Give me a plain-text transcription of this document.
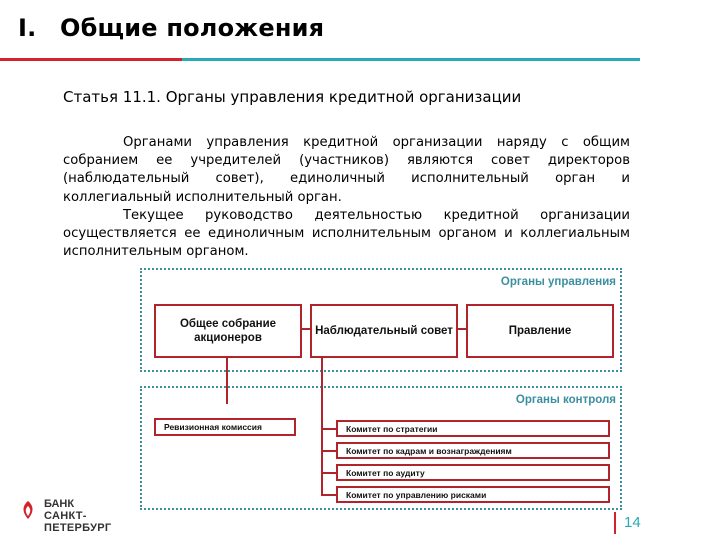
I. Общие положения
Статья 11.1. Органы управления кредитной организации

Органами управления кредитной организации наряду с общим собранием ее учредителей (участников) являются совет директоров (наблюдательный совет), единоличный исполнительный орган и коллегиальный исполнительный орган.

Текущее руководство деятельностью кредитной организации осуществляется ее единоличным исполнительным органом и коллегиальным исполнительным органом.

Органы управления
Органы контроля
Общее собрание акционеров
Наблюдательный совет	Правление
Ревизионная комиссия	Комитет по стратегии
Комитет по кадрам и вознаграждениям
Комитет по аудиту
Комитет по управлению рисками
БАНК
САНКТ-ПЕТЕРБУРГ	14
